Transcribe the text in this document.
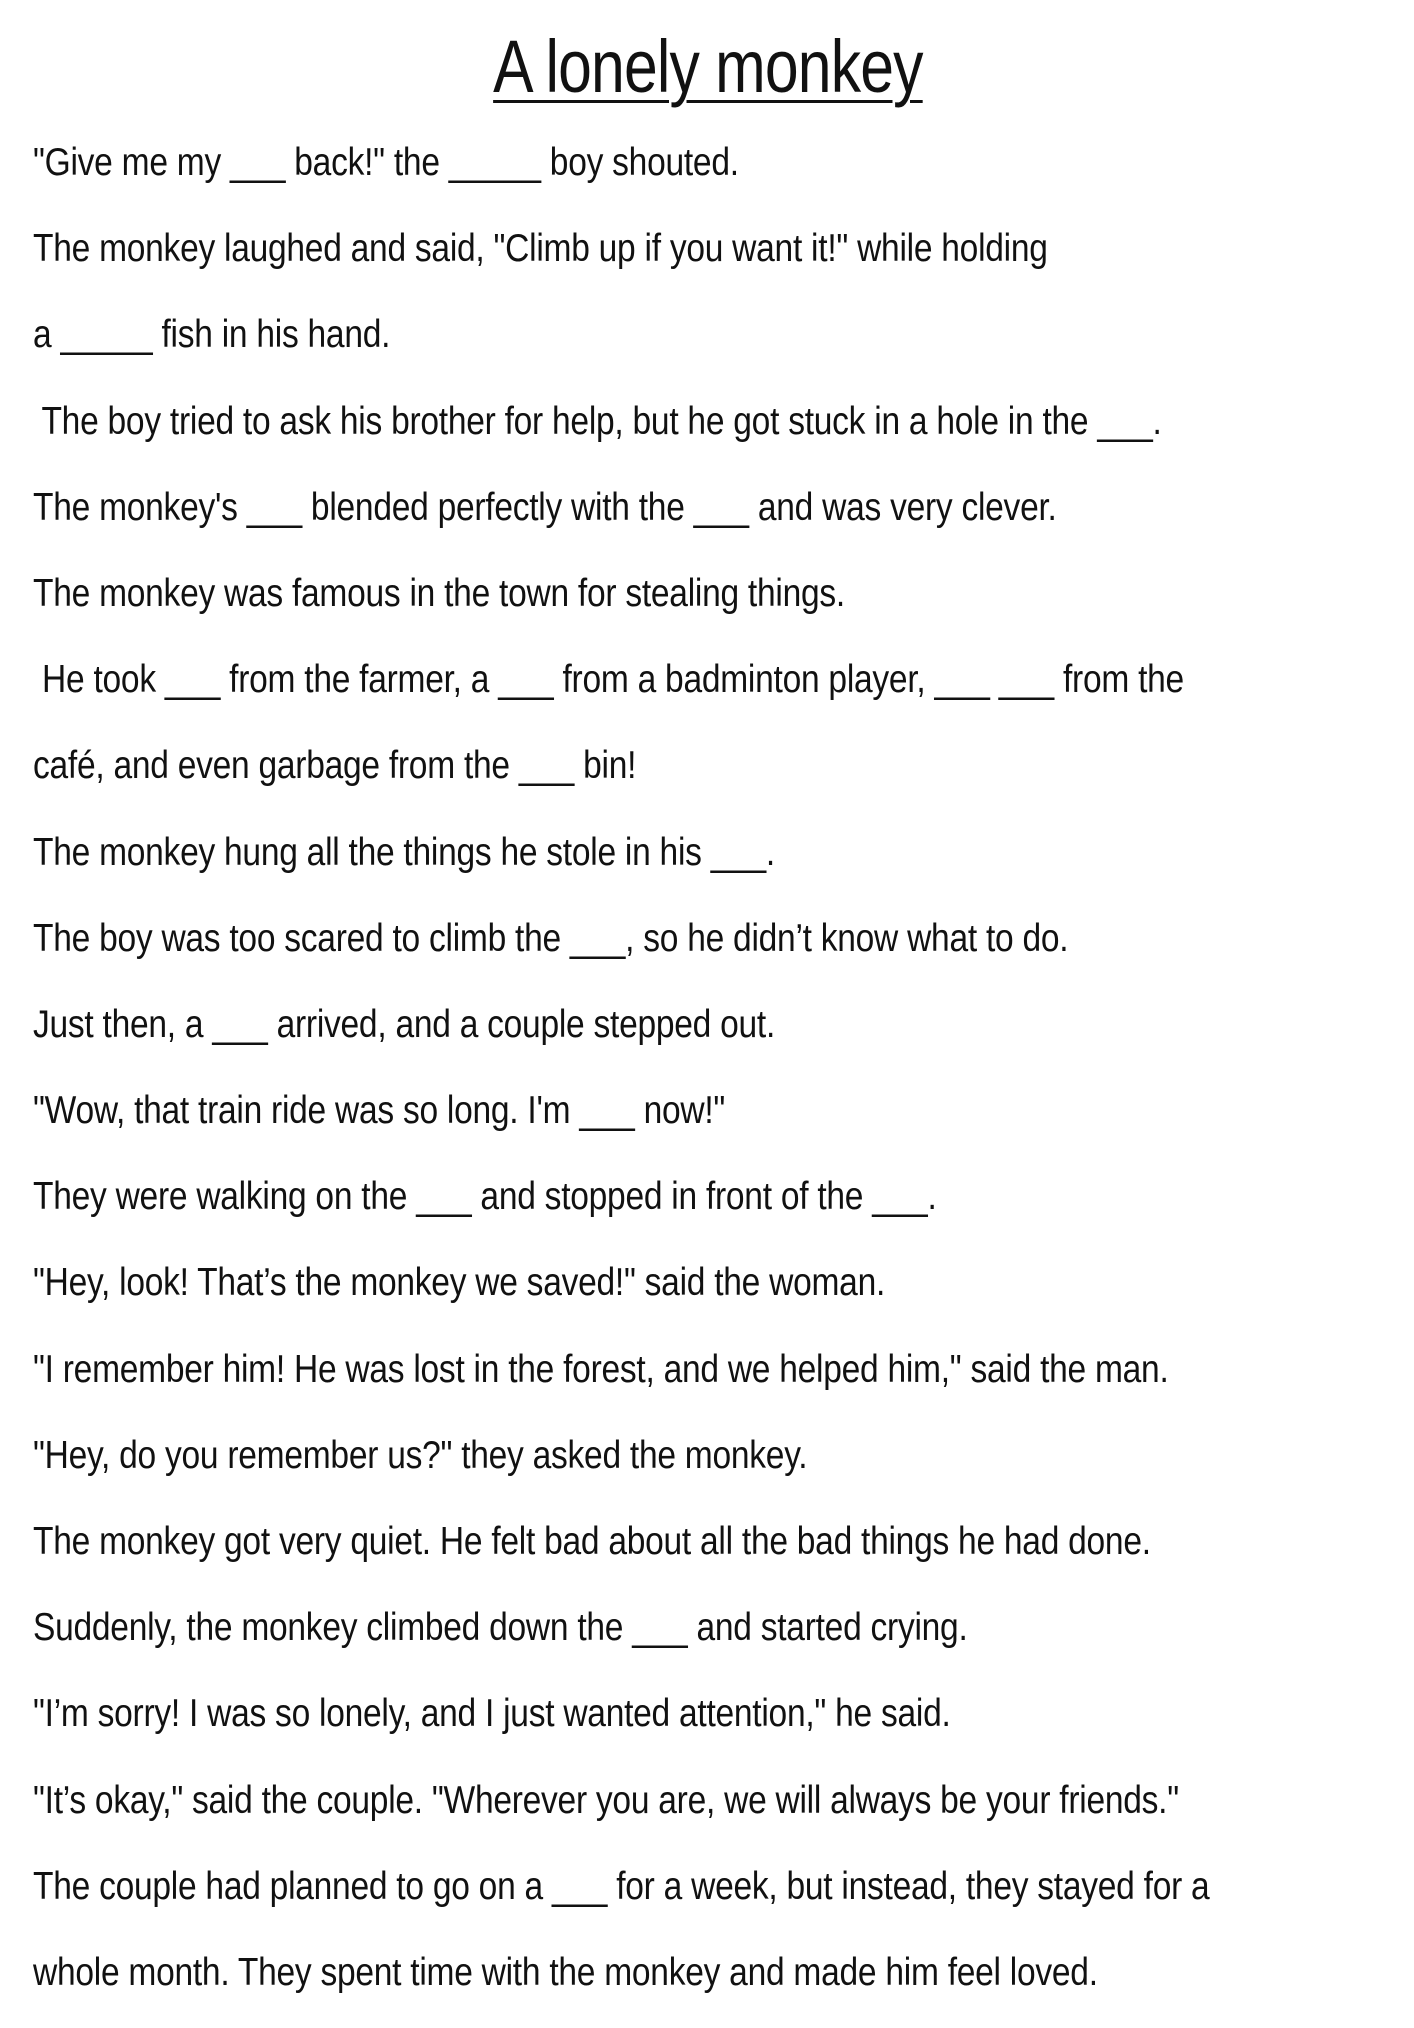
A lonely monkey
"Give me my ___ back!" the _____ boy shouted.
The monkey laughed and said, "Climb up if you want it!" while holding
a _____ fish in his hand.
The boy tried to ask his brother for help, but he got stuck in a hole in the ___.
The monkey's ___ blended perfectly with the ___ and was very clever.
The monkey was famous in the town for stealing things.
He took ___ from the farmer, a ___ from a badminton player, ___ ___ from the
café, and even garbage from the ___ bin!
The monkey hung all the things he stole in his ___.
The boy was too scared to climb the ___, so he didn’t know what to do.
Just then, a ___ arrived, and a couple stepped out.
"Wow, that train ride was so long. I'm ___ now!"
They were walking on the ___ and stopped in front of the ___.
"Hey, look! That’s the monkey we saved!" said the woman.
"I remember him! He was lost in the forest, and we helped him," said the man.
"Hey, do you remember us?" they asked the monkey.
The monkey got very quiet. He felt bad about all the bad things he had done.
Suddenly, the monkey climbed down the ___ and started crying.
"I’m sorry! I was so lonely, and I just wanted attention," he said.
"It’s okay," said the couple. "Wherever you are, we will always be your friends."
The couple had planned to go on a ___ for a week, but instead, they stayed for a
whole month. They spent time with the monkey and made him feel loved.
